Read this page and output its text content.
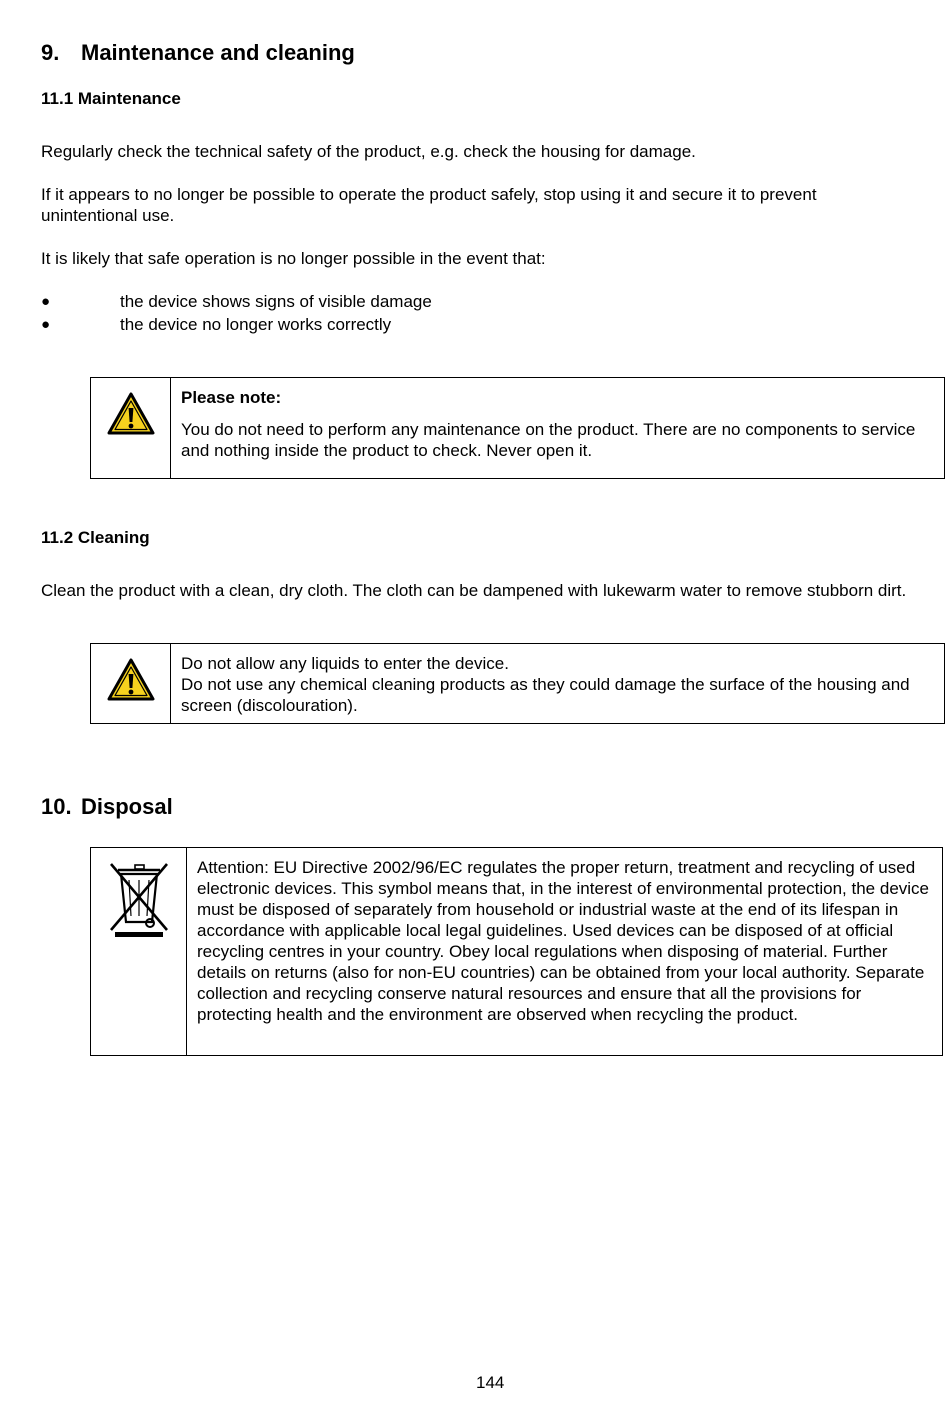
9. Maintenance and cleaning
11.1 Maintenance

Regularly check the technical safety of the product, e.g. check the housing for damage.

If it appears to no longer be possible to operate the product safely, stop using it and secure it to prevent unintentional use.

It is likely that safe operation is no longer possible in the event that:

●	the device shows signs of visible damage
●	the device no longer works correctly
Please note:
You do not need to perform any maintenance on the product. There are no components to service and nothing inside the product to check. Never open it.
11.2 Cleaning

Clean the product with a clean, dry cloth. The cloth can be dampened with lukewarm water to remove stubborn dirt.

Do not allow any liquids to enter the device.
Do not use any chemical cleaning products as they could damage the surface of the housing and screen (discolouration).
10. Disposal
Attention: EU Directive 2002/96/EC regulates the proper return, treatment and recycling of used electronic devices. This symbol means that, in the interest of environmental protection, the device must be disposed of separately from household or industrial waste at the end of its lifespan in accordance with applicable local legal guidelines. Used devices can be disposed of at official recycling centres in your country. Obey local regulations when disposing of material. Further details on returns (also for non-EU countries) can be obtained from your local authority. Separate collection and recycling conserve natural resources and ensure that all the provisions for protecting health and the environment are observed when recycling the product.
144
